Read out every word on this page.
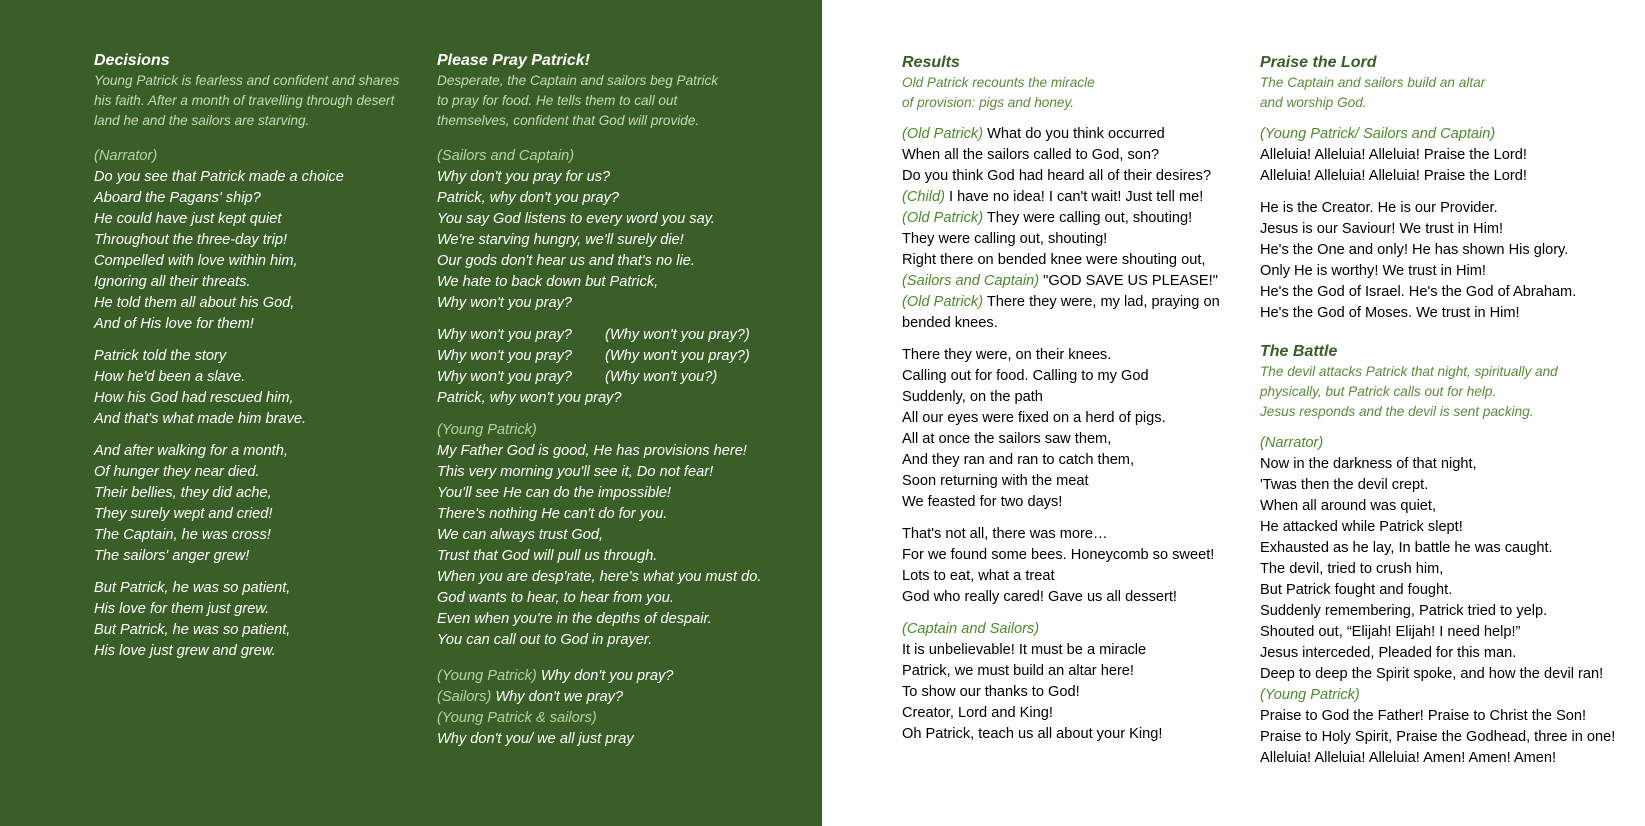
Decisions

Young Patrick is fearless and confident and shares
his faith. After a month of travelling through desert
land he and the sailors are starving.

(Narrator)

Do you see that Patrick made a choice
Aboard the Pagans' ship?
He could have just kept quiet
Throughout the three-day trip!
Compelled with love within him,
Ignoring all their threats.
He told them all about his God,
And of His love for them!

Patrick told the story
How he'd been a slave.
How his God had rescued him,
And that's what made him brave.

And after walking for a month,
Of hunger they near died.
Their bellies, they did ache,
They surely wept and cried!
The Captain, he was cross!
The sailors' anger grew!

But Patrick, he was so patient,
His love for them just grew.
But Patrick, he was so patient,
His love just grew and grew.

Please Pray Patrick!

Desperate, the Captain and sailors beg Patrick
to pray for food. He tells them to call out
themselves, confident that God will provide.

(Sailors and Captain)

Why don't you pray for us?
Patrick, why don't you pray?
You say God listens to every word you say.
We're starving hungry, we'll surely die!
Our gods don't hear us and that's no lie.
We hate to back down but Patrick,
Why won't you pray?

Why won't you pray? (Why won't you pray?)
Why won't you pray? (Why won't you pray?)
Why won't you pray? (Why won't you?)
Patrick, why won't you pray?

(Young Patrick)

My Father God is good, He has provisions here!
This very morning you'll see it, Do not fear!
You'll see He can do the impossible!
There's nothing He can't do for you.
We can always trust God,
Trust that God will pull us through.
When you are desp'rate, here's what you must do.
God wants to hear, to hear from you.
Even when you're in the depths of despair.
You can call out to God in prayer.

(Young Patrick) Why don't you pray?
(Sailors) Why don't we pray?
(Young Patrick & sailors)
Why don't you/ we all just pray

Results

Old Patrick recounts the miracle
of provision: pigs and honey.

(Old Patrick) What do you think occurred
When all the sailors called to God, son?
Do you think God had heard all of their desires?
(Child) I have no idea! I can't wait! Just tell me!
(Old Patrick) They were calling out, shouting!
They were calling out, shouting!
Right there on bended knee were shouting out,
(Sailors and Captain) "GOD SAVE US PLEASE!"
(Old Patrick) There they were, my lad, praying on
bended knees.

There they were, on their knees.
Calling out for food. Calling to my God
Suddenly, on the path
All our eyes were fixed on a herd of pigs.
All at once the sailors saw them,
And they ran and ran to catch them,
Soon returning with the meat
We feasted for two days!

That's not all, there was more…
For we found some bees. Honeycomb so sweet!
Lots to eat, what a treat
God who really cared! Gave us all dessert!

(Captain and Sailors)

It is unbelievable! It must be a miracle
Patrick, we must build an altar here!
To show our thanks to God!
Creator, Lord and King!
Oh Patrick, teach us all about your King!

Praise the Lord

The Captain and sailors build an altar
and worship God.

(Young Patrick/ Sailors and Captain)

Alleluia! Alleluia! Alleluia! Praise the Lord!
Alleluia! Alleluia! Alleluia! Praise the Lord!

He is the Creator. He is our Provider.
Jesus is our Saviour! We trust in Him!
He's the One and only! He has shown His glory.
Only He is worthy! We trust in Him!
He's the God of Israel. He's the God of Abraham.
He's the God of Moses. We trust in Him!

The Battle

The devil attacks Patrick that night, spiritually and
physically, but Patrick calls out for help.
Jesus responds and the devil is sent packing.

(Narrator)

Now in the darkness of that night,
'Twas then the devil crept.
When all around was quiet,
He attacked while Patrick slept!
Exhausted as he lay, In battle he was caught.
The devil, tried to crush him,
But Patrick fought and fought.
Suddenly remembering, Patrick tried to yelp.
Shouted out, “Elijah! Elijah! I need help!”
Jesus interceded, Pleaded for this man.
Deep to deep the Spirit spoke, and how the devil ran!

(Young Patrick)

Praise to God the Father! Praise to Christ the Son!
Praise to Holy Spirit, Praise the Godhead, three in one!
Alleluia! Alleluia! Alleluia! Amen! Amen! Amen!
